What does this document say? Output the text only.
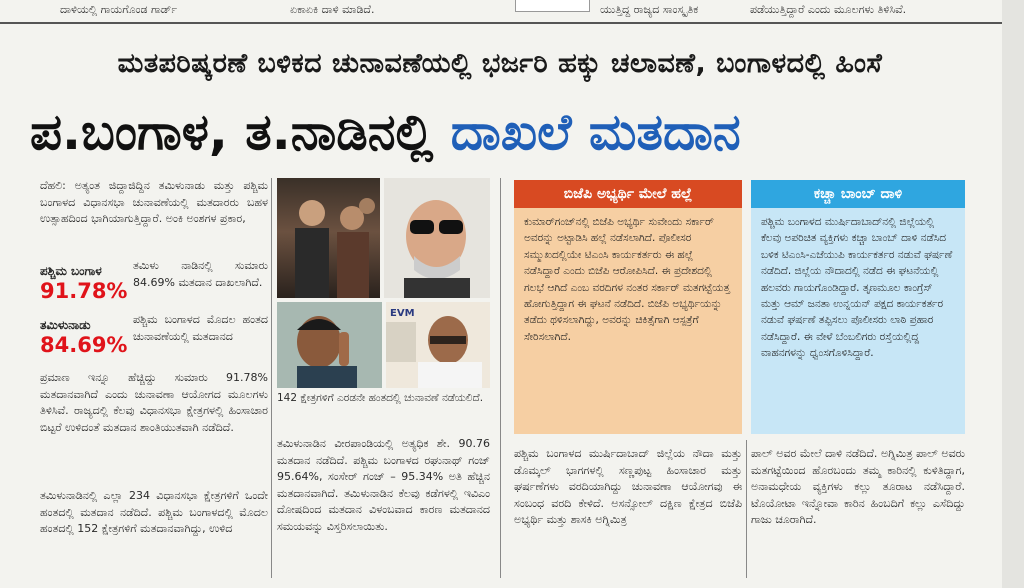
ದಾಳಿಯಲ್ಲಿ ಗಾಯಗೊಂಡ ಗಾರ್ಡ್	ಏಕಾಏಕಿ ದಾಳಿ ಮಾಡಿದೆ.	ಯುತ್ತಿದ್ದ ರಾಜ್ಯದ ಸಾಂಸ್ಕೃತಿಕ	ಪಡೆಯುತ್ತಿದ್ದಾರೆ ಎಂದು ಮೂಲಗಳು ತಿಳಿಸಿವೆ.
ಮತಪರಿಷ್ಕರಣೆ ಬಳಿಕದ ಚುನಾವಣೆಯಲ್ಲಿ ಭರ್ಜರಿ ಹಕ್ಕು ಚಲಾವಣೆ, ಬಂಗಾಳದಲ್ಲಿ ಹಿಂಸೆ
ಪ.ಬಂಗಾಳ, ತ.ನಾಡಿನಲ್ಲಿ ದಾಖಲೆ ಮತದಾನ
ದೆಹಲಿ: ಅತ್ಯಂತ ಜಿದ್ದಾಜಿದ್ದಿನ ತಮಿಳುನಾಡು ಮತ್ತು ಪಶ್ಚಿಮ ಬಂಗಾಳದ ವಿಧಾನಸಭಾ ಚುನಾವಣೆಯಲ್ಲಿ ಮತದಾರರು ಬಹಳ ಉತ್ಸಾಹದಿಂದ ಭಾಗಿಯಾಗುತ್ತಿದ್ದಾರೆ. ಅಂಕಿ ಅಂಶಗಳ ಪ್ರಕಾರ,
ಪಶ್ಚಿಮ ಬಂಗಾಳ
91.78%
ತಮಿಳುನಾಡು
84.69%
ತಮಿಳು ನಾಡಿನಲ್ಲಿ ಸುಮಾರು 84.69% ಮತದಾನ ದಾಖಲಾಗಿದೆ.
ಪಶ್ಚಿಮ ಬಂಗಾಳದ ಮೊದಲ ಹಂತದ ಚುನಾವಣೆಯಲ್ಲಿ ಮತದಾನದ
ಪ್ರಮಾಣ ಇನ್ನೂ ಹೆಚ್ಚಿದ್ದು ಸುಮಾರು 91.78% ಮತದಾನವಾಗಿದೆ ಎಂದು ಚುನಾವಣಾ ಆಯೋಗದ ಮೂಲಗಳು ತಿಳಿಸಿವೆ. ರಾಜ್ಯದಲ್ಲಿ ಕೆಲವು ವಿಧಾನಸಭಾ ಕ್ಷೇತ್ರಗಳಲ್ಲಿ ಹಿಂಸಾಚಾರ ಬಿಟ್ಟರೆ ಉಳಿದಂತೆ ಮತದಾನ ಶಾಂತಿಯುತವಾಗಿ ನಡೆದಿದೆ.
ತಮಿಳುನಾಡಿನಲ್ಲಿ ಎಲ್ಲಾ 234 ವಿಧಾನಸಭಾ ಕ್ಷೇತ್ರಗಳಿಗೆ ಒಂದೇ ಹಂತದಲ್ಲಿ ಮತದಾನ ನಡೆದಿದೆ. ಪಶ್ಚಿಮ ಬಂಗಾಳದಲ್ಲಿ ಮೊದಲ ಹಂತದಲ್ಲಿ 152 ಕ್ಷೇತ್ರಗಳಿಗೆ ಮತದಾನವಾಗಿದ್ದು, ಉಳಿದ
EVM
142 ಕ್ಷೇತ್ರಗಳಿಗೆ ಎರಡನೇ ಹಂತದಲ್ಲಿ ಚುನಾವಣೆ ನಡೆಯಲಿದೆ.
ತಮಿಳುನಾಡಿನ ವೀರಪಾಂಡಿಯಲ್ಲಿ ಅತ್ಯಧಿಕ ಶೇ. 90.76 ಮತದಾನ ನಡೆದಿದೆ. ಪಶ್ಚಿಮ ಬಂಗಾಳದ ರಘುನಾಥ್ ಗಂಜ್ 95.64%, ಸಂಸೇರ್ ಗಂಜ್ – 95.34% ಅತಿ ಹೆಚ್ಚಿನ ಮತದಾನವಾಗಿದೆ. ತಮಿಳುನಾಡಿನ ಕೆಲವು ಕಡೆಗಳಲ್ಲಿ ಇವಿಎಂ ದೋಷದಿಂದ ಮತದಾನ ವಿಳಂಬವಾದ ಕಾರಣ ಮತದಾನದ ಸಮಯವನ್ನು ವಿಸ್ತರಿಸಲಾಯಿತು.
ಬಿಜೆಪಿ ಅಭ್ಯರ್ಥಿ ಮೇಲೆ ಹಲ್ಲೆ
ಕುಮಾರ್‌ಗಂಜ್‌ನಲ್ಲಿ ಬಿಜೆಪಿ ಅಭ್ಯರ್ಥಿ ಸುವೇಂದು ಸರ್ಕಾರ್ ಅವರನ್ನು ಅಟ್ಟಾಡಿಸಿ ಹಲ್ಲೆ ನಡೆಸಲಾಗಿದೆ. ಪೊಲೀಸರ ಸಮ್ಮುಖದಲ್ಲಿಯೇ ಟಿಎಂಸಿ ಕಾರ್ಯಕರ್ತರು ಈ ಹಲ್ಲೆ ನಡೆಸಿದ್ದಾರೆ ಎಂದು ಬಿಜೆಪಿ ಆರೋಪಿಸಿದೆ. ಈ ಪ್ರದೇಶದಲ್ಲಿ ಗಲಭೆ ಆಗಿದೆ ಎಂಬ ವರದಿಗಳ ನಂತರ ಸರ್ಕಾರ್ ಮತಗಟ್ಟೆಯತ್ತ ಹೋಗುತ್ತಿದ್ದಾಗ ಈ ಘಟನೆ ನಡೆದಿದೆ. ಬಿಜೆಪಿ ಅಭ್ಯರ್ಥಿಯನ್ನು ತಡೆದು ಥಳಿಸಲಾಗಿದ್ದು, ಅವರನ್ನು ಚಿಕಿತ್ಸೆಗಾಗಿ ಆಸ್ಪತ್ರೆಗೆ ಸೇರಿಸಲಾಗಿದೆ.
ಕಚ್ಚಾ ಬಾಂಬ್ ದಾಳಿ
ಪಶ್ಚಿಮ ಬಂಗಾಳದ ಮುರ್ಷಿದಾಬಾದ್‌ನಲ್ಲಿ ಜಿಲ್ಲೆಯಲ್ಲಿ ಕೆಲವು ಅಪರಿಚಿತ ವ್ಯಕ್ತಿಗಳು ಕಚ್ಚಾ ಬಾಂಬ್ ದಾಳಿ ನಡೆಸಿದ ಬಳಿಕ ಟಿಎಂಸಿ-ಎಜೆಯುಪಿ ಕಾರ್ಯಕರ್ತರ ನಡುವೆ ಘರ್ಷಣೆ ನಡೆದಿದೆ. ಜಿಲ್ಲೆಯ ನೌದಾದಲ್ಲಿ ನಡೆದ ಈ ಘಟನೆಯಲ್ಲಿ ಹಲವರು ಗಾಯಗೊಂಡಿದ್ದಾರೆ. ತೃಣಮೂಲ ಕಾಂಗ್ರೆಸ್ ಮತ್ತು ಆಮ್ ಜನತಾ ಉನ್ನಯನ್ ಪಕ್ಷದ ಕಾರ್ಯಕರ್ತರ ನಡುವೆ ಘರ್ಷಣೆ ತಪ್ಪಿಸಲು ಪೊಲೀಸರು ಲಾಠಿ ಪ್ರಹಾರ ನಡೆಸಿದ್ದಾರೆ. ಈ ವೇಳೆ ಬೆಂಬಲಿಗರು ರಸ್ತೆಯಲ್ಲಿದ್ದ ವಾಹನಗಳನ್ನು ಧ್ವಂಸಗೊಳಿಸಿದ್ದಾರೆ.
ಪಶ್ಚಿಮ ಬಂಗಾಳದ ಮುರ್ಷಿದಾಬಾದ್ ಜಿಲ್ಲೆಯ ನೌದಾ ಮತ್ತು ಡೊಮ್ಕಲ್ ಭಾಗಗಳಲ್ಲಿ ಸಣ್ಣಪುಟ್ಟ ಹಿಂಸಾಚಾರ ಮತ್ತು ಘರ್ಷಣೆಗಳು ವರದಿಯಾಗಿದ್ದು ಚುನಾವಣಾ ಆಯೋಗವು ಈ ಸಂಬಂಧ ವರದಿ ಕೇಳಿದೆ. ಅಸನ್ಸೋಲ್ ದಕ್ಷಿಣ ಕ್ಷೇತ್ರದ ಬಿಜೆಪಿ ಅಭ್ಯರ್ಥಿ ಮತ್ತು ಶಾಸಕಿ ಅಗ್ನಿಮಿತ್ರ
ಪಾಲ್ ಅವರ ಮೇಲೆ ದಾಳಿ ನಡೆದಿದೆ. ಅಗ್ನಿಮಿತ್ರ ಪಾಲ್ ಅವರು ಮತಗಟ್ಟೆಯಿಂದ ಹೊರಬಂದು ತಮ್ಮ ಕಾರಿನಲ್ಲಿ ಕುಳಿತಿದ್ದಾಗ, ಅನಾಮಧೇಯ ವ್ಯಕ್ತಿಗಳು ಕಲ್ಲು ತೂರಾಟ ನಡೆಸಿದ್ದಾರೆ. ಟೊಯೋಟಾ ಇನ್ನೋವಾ ಕಾರಿನ ಹಿಂಬದಿಗೆ ಕಲ್ಲು ಎಸೆದಿದ್ದು ಗಾಜು ಚೂರಾಗಿದೆ.
